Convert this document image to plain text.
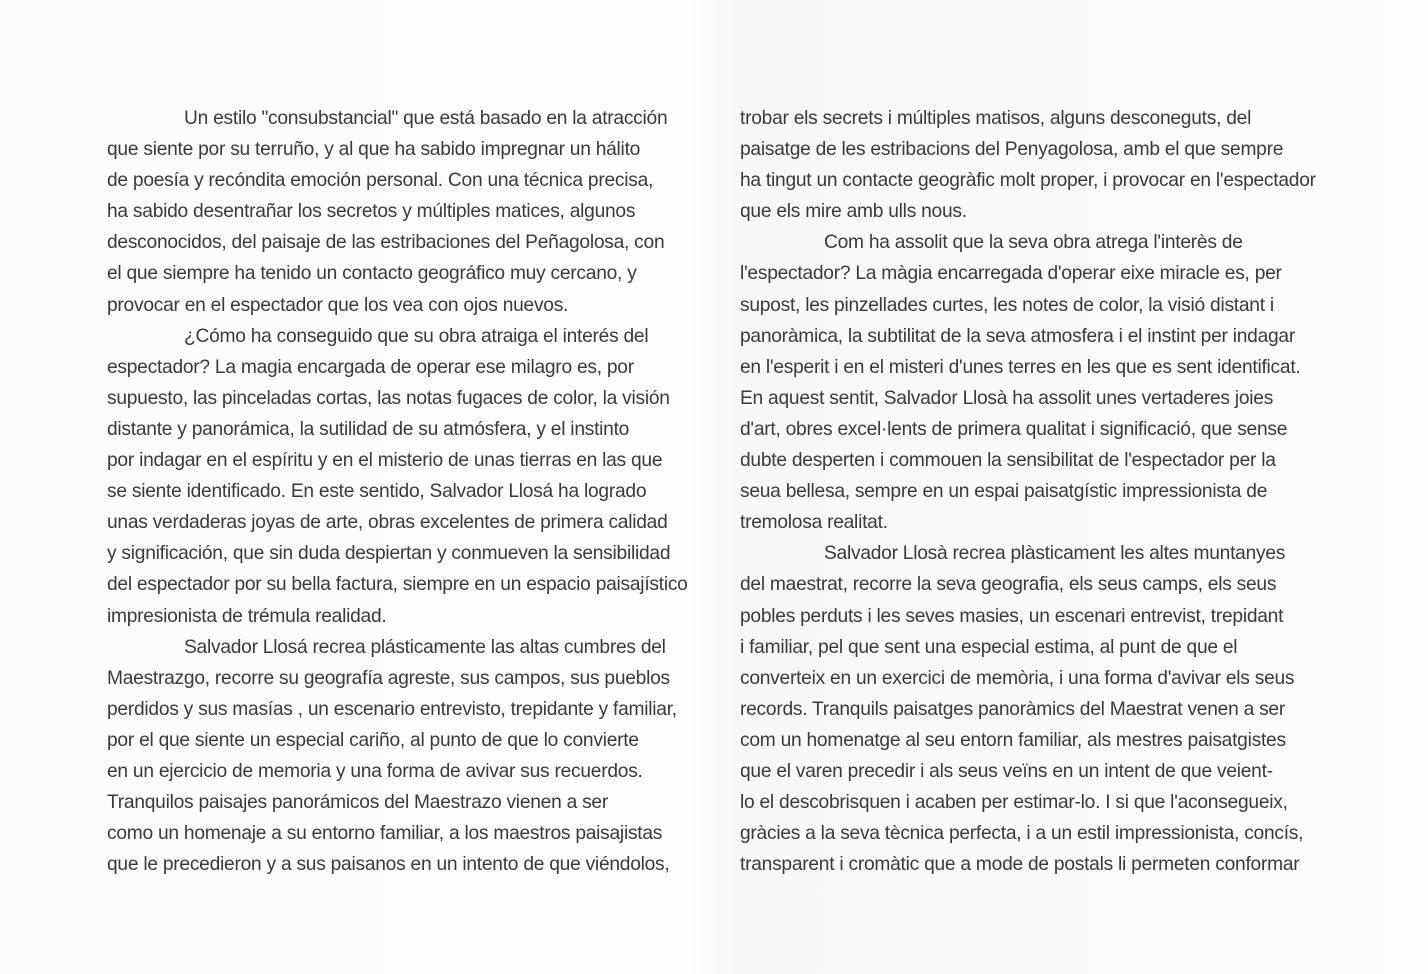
Un estilo "consubstancial" que está basado en la atracción
que siente por su terruño, y al que ha sabido impregnar un hálito
de poesía y recóndita emoción personal. Con una técnica precisa,
ha sabido desentrañar los secretos y múltiples matices, algunos
desconocidos, del paisaje de las estribaciones del Peñagolosa, con
el que siempre ha tenido un contacto geográfico muy cercano, y
provocar en el espectador que los vea con ojos nuevos.
¿Cómo ha conseguido que su obra atraiga el interés del
espectador? La magia encargada de operar ese milagro es, por
supuesto, las pinceladas cortas, las notas fugaces de color, la visión
distante y panorámica, la sutilidad de su atmósfera, y el instinto
por indagar en el espíritu y en el misterio de unas tierras en las que
se siente identificado. En este sentido, Salvador Llosá ha logrado
unas verdaderas joyas de arte, obras excelentes de primera calidad
y significación, que sin duda despiertan y conmueven la sensibilidad
del espectador por su bella factura, siempre en un espacio paisajístico
impresionista de trémula realidad.
Salvador Llosá recrea plásticamente las altas cumbres del
Maestrazgo, recorre su geografía agreste, sus campos, sus pueblos
perdidos y sus masías , un escenario entrevisto, trepidante y familiar,
por el que siente un especial cariño, al punto de que lo convierte
en un ejercicio de memoria y una forma de avivar sus recuerdos.
Tranquilos paisajes panorámicos del Maestrazo vienen a ser
como un homenaje a su entorno familiar, a los maestros paisajistas
que le precedieron y a sus paisanos en un intento de que viéndolos,
trobar els secrets i múltiples matisos, alguns desconeguts, del
paisatge de les estribacions del Penyagolosa, amb el que sempre
ha tingut un contacte geogràfic molt proper, i provocar en l'espectador
que els mire amb ulls nous.
Com ha assolit que la seva obra atrega l'interès de
l'espectador? La màgia encarregada d'operar eixe miracle es, per
supost, les pinzellades curtes, les notes de color, la visió distant i
panoràmica, la subtilitat de la seva atmosfera i el instint per indagar
en l'esperit i en el misteri d'unes terres en les que es sent identificat.
En aquest sentit, Salvador Llosà ha assolit unes vertaderes joies
d'art, obres excel·lents de primera qualitat i significació, que sense
dubte desperten i commouen la sensibilitat de l'espectador per la
seua bellesa, sempre en un espai paisatgístic impressionista de
tremolosa realitat.
Salvador Llosà recrea plàsticament les altes muntanyes
del maestrat, recorre la seva geografia, els seus camps, els seus
pobles perduts i les seves masies, un escenari entrevist, trepidant
i familiar, pel que sent una especial estima, al punt de que el
converteix en un exercici de memòria, i una forma d'avivar els seus
records. Tranquils paisatges panoràmics del Maestrat venen a ser
com un homenatge al seu entorn familiar, als mestres paisatgistes
que el varen precedir i als seus veïns en un intent de que veient-
lo el descobrisquen i acaben per estimar-lo. I si que l'aconsegueix,
gràcies a la seva tècnica perfecta, i a un estil impressionista, concís,
transparent i cromàtic que a mode de postals li permeten conformar
